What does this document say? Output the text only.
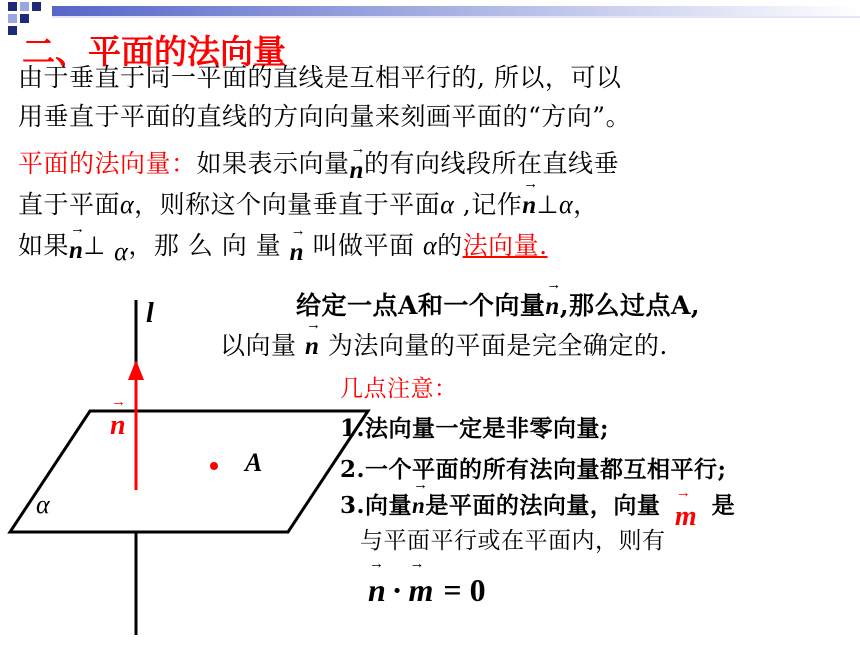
二、平面的法向量
由于垂直于同一平面的直线是互相平行的, 所以，可以
用垂直于平面的直线的方向向量来刻画平面的“方向”。
平面的法向量：如果表示向量→ n的有向线段所在直线垂
直于平面α，则称这个向量垂直于平面α ,记作→ n⊥α，
如果→ n⊥ α，那 么 向 量 → n 叫做平面 α的法向量.
给定一点A和一个向量→ n,那么过点A,
以向量 → n 为法向量的平面是完全确定的.
l
→ n
A
α
几点注意：
1.法向量一定是非零向量;
2.一个平面的所有法向量都互相平行;
3.向量→ n是平面的法向量，向量 → m 是
与平面平行或在平面内，则有
→ n · → m = 0
